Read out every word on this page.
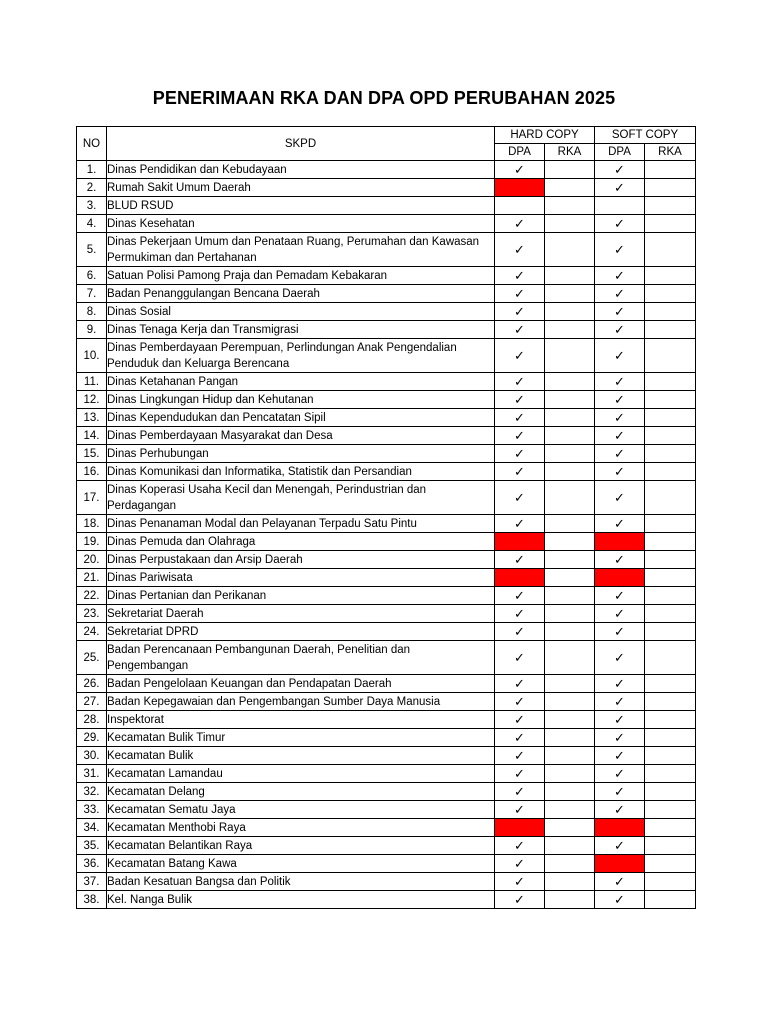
PENERIMAAN RKA DAN DPA OPD PERUBAHAN 2025
NO	SKPD	HARD COPY		SOFT COPY	
		DPA	RKA	DPA	RKA
1.	Dinas Pendidikan dan Kebudayaan	✓		✓	
2.	Rumah Sakit Umum Daerah			✓	
3.	BLUD RSUD				
4.	Dinas Kesehatan	✓		✓	
5.	Dinas Pekerjaan Umum dan Penataan Ruang, Perumahan dan Kawasan Permukiman dan Pertahanan	✓		✓	
6.	Satuan Polisi Pamong Praja dan Pemadam Kebakaran	✓		✓	
7.	Badan Penanggulangan Bencana Daerah	✓		✓	
8.	Dinas Sosial	✓		✓	
9.	Dinas Tenaga Kerja dan Transmigrasi	✓		✓	
10.	Dinas Pemberdayaan Perempuan, Perlindungan Anak Pengendalian Penduduk dan Keluarga Berencana	✓		✓	
11.	Dinas Ketahanan Pangan	✓		✓	
12.	Dinas Lingkungan Hidup dan Kehutanan	✓		✓	
13.	Dinas Kependudukan dan Pencatatan Sipil	✓		✓	
14.	Dinas Pemberdayaan Masyarakat dan Desa	✓		✓	
15.	Dinas Perhubungan	✓		✓	
16.	Dinas Komunikasi dan Informatika, Statistik dan Persandian	✓		✓	
17.	Dinas Koperasi Usaha Kecil dan Menengah, Perindustrian dan Perdagangan	✓		✓	
18.	Dinas Penanaman Modal dan Pelayanan Terpadu Satu Pintu	✓		✓	
19.	Dinas Pemuda dan Olahraga				
20.	Dinas Perpustakaan dan Arsip Daerah	✓		✓	
21.	Dinas Pariwisata				
22.	Dinas Pertanian dan Perikanan	✓		✓	
23.	Sekretariat Daerah	✓		✓	
24.	Sekretariat DPRD	✓		✓	
25.	Badan Perencanaan Pembangunan Daerah, Penelitian dan Pengembangan	✓		✓	
26.	Badan Pengelolaan Keuangan dan Pendapatan Daerah	✓		✓	
27.	Badan Kepegawaian dan Pengembangan Sumber Daya Manusia	✓		✓	
28.	Inspektorat	✓		✓	
29.	Kecamatan Bulik Timur	✓		✓	
30.	Kecamatan Bulik	✓		✓	
31.	Kecamatan Lamandau	✓		✓	
32.	Kecamatan Delang	✓		✓	
33.	Kecamatan Sematu Jaya	✓		✓	
34.	Kecamatan Menthobi Raya				
35.	Kecamatan Belantikan Raya	✓		✓	
36.	Kecamatan Batang Kawa	✓			
37.	Badan Kesatuan Bangsa dan Politik	✓		✓	
38.	Kel. Nanga Bulik	✓		✓	
